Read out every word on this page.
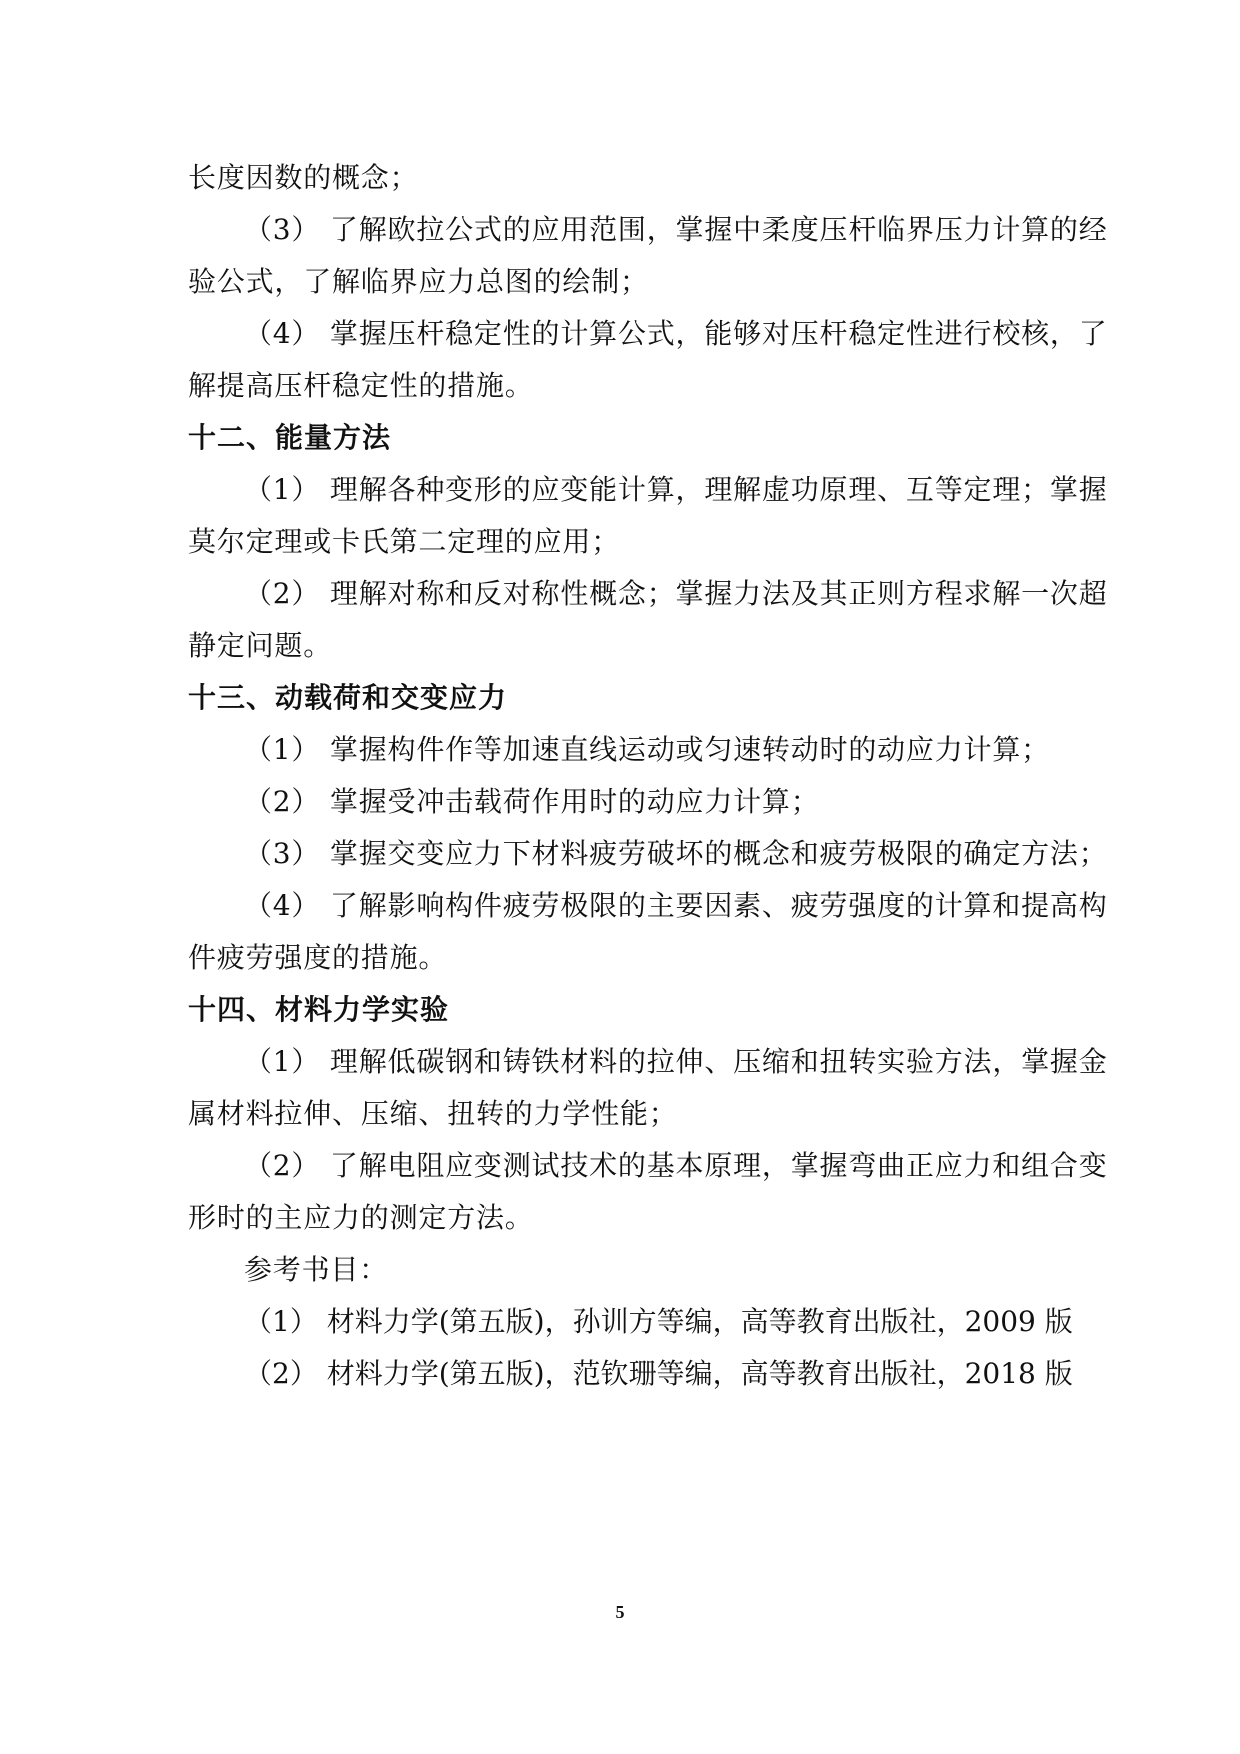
长度因数的概念；
（3） 了解欧拉公式的应用范围，掌握中柔度压杆临界压力计算的经
验公式，了解临界应力总图的绘制；
（4） 掌握压杆稳定性的计算公式，能够对压杆稳定性进行校核，了
解提高压杆稳定性的措施。
十二、能量方法
（1） 理解各种变形的应变能计算，理解虚功原理、互等定理；掌握
莫尔定理或卡氏第二定理的应用；
（2） 理解对称和反对称性概念；掌握力法及其正则方程求解一次超
静定问题。
十三、动载荷和交变应力
（1） 掌握构件作等加速直线运动或匀速转动时的动应力计算；
（2） 掌握受冲击载荷作用时的动应力计算；
（3） 掌握交变应力下材料疲劳破坏的概念和疲劳极限的确定方法；
（4） 了解影响构件疲劳极限的主要因素、疲劳强度的计算和提高构
件疲劳强度的措施。
十四、材料力学实验
（1） 理解低碳钢和铸铁材料的拉伸、压缩和扭转实验方法，掌握金
属材料拉伸、压缩、扭转的力学性能；
（2） 了解电阻应变测试技术的基本原理，掌握弯曲正应力和组合变
形时的主应力的测定方法。
参考书目：
（1） 材料力学(第五版)，孙训方等编，高等教育出版社，2009 版
（2） 材料力学(第五版)，范钦珊等编，高等教育出版社，2018 版
5
